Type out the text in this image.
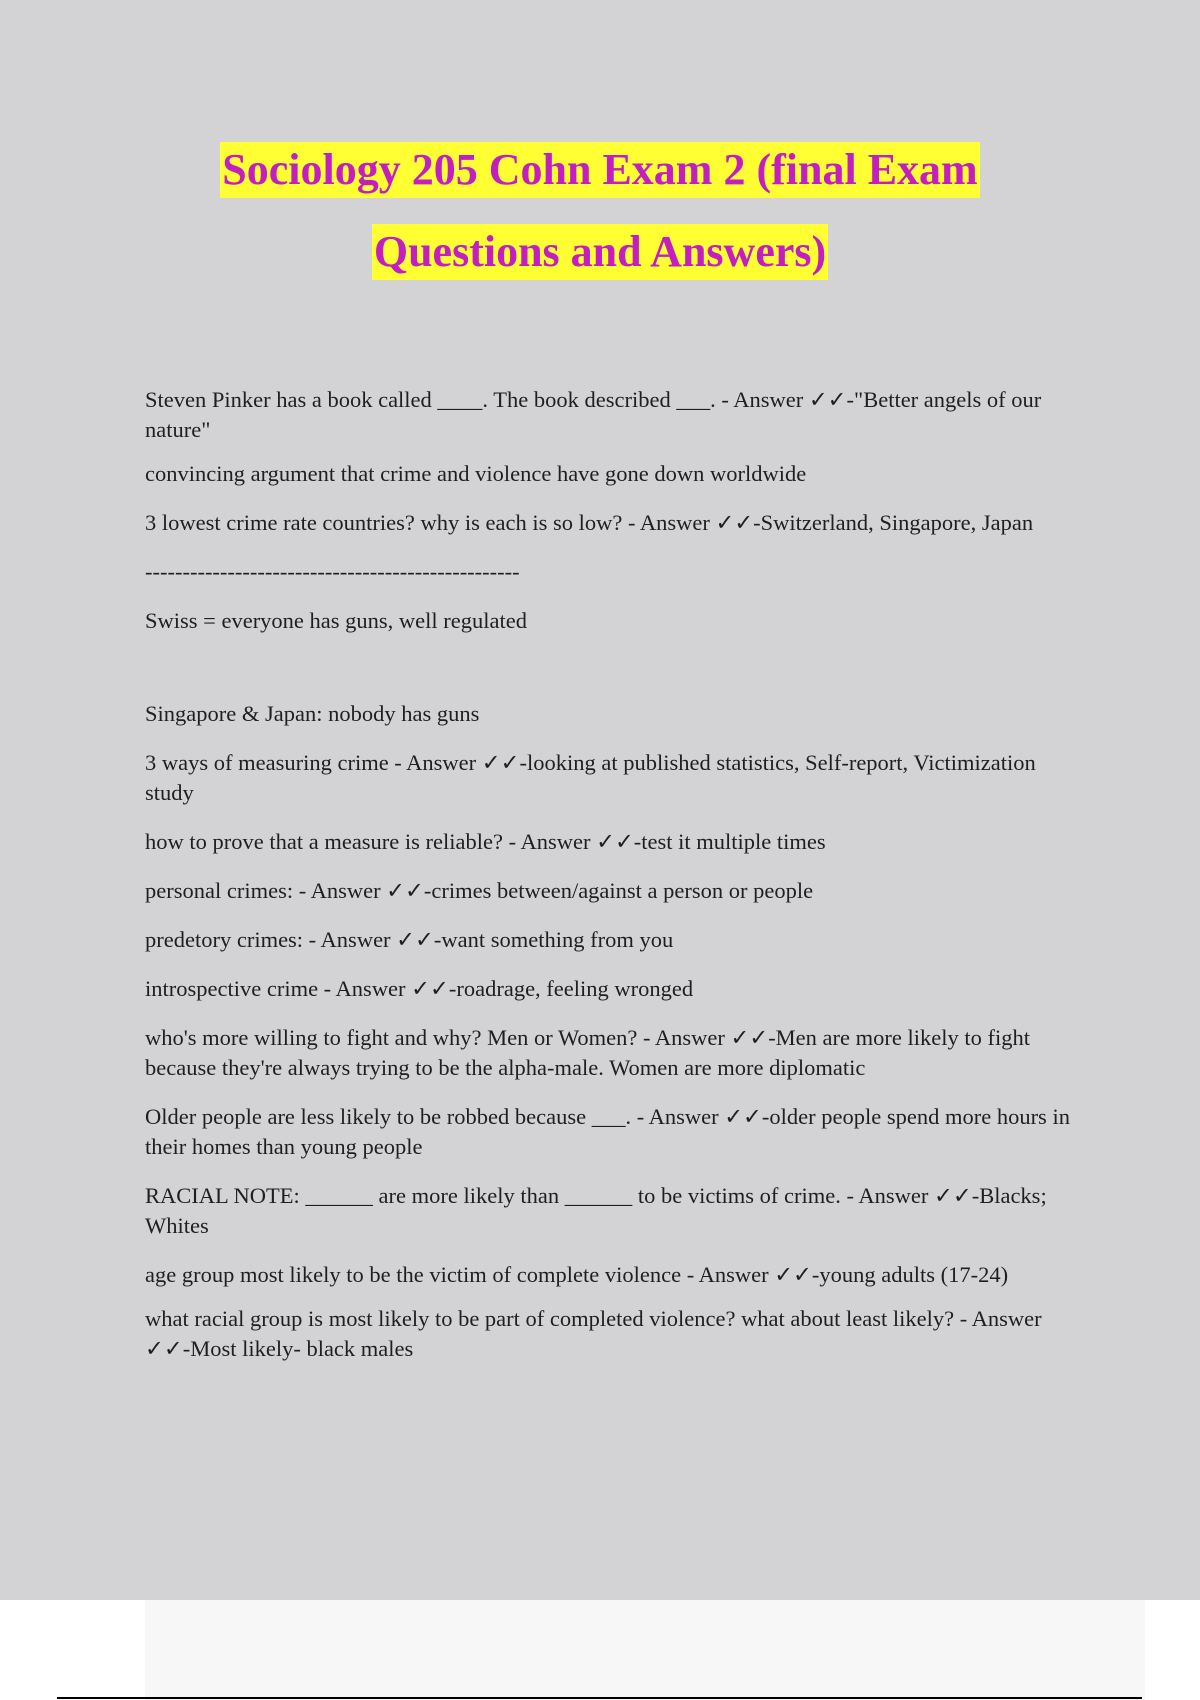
Sociology 205 Cohn Exam 2 (final Exam
Questions and Answers)

Steven Pinker has a book called ____. The book described ___. - Answer ✓✓-"Better angels of our nature"

convincing argument that crime and violence have gone down worldwide

3 lowest crime rate countries? why is each is so low? - Answer ✓✓-Switzerland, Singapore, Japan

--------------------------------------------------

Swiss = everyone has guns, well regulated

Singapore & Japan: nobody has guns

3 ways of measuring crime - Answer ✓✓-looking at published statistics, Self-report, Victimization study

how to prove that a measure is reliable? - Answer ✓✓-test it multiple times

personal crimes: - Answer ✓✓-crimes between/against a person or people

predetory crimes: - Answer ✓✓-want something from you

introspective crime - Answer ✓✓-roadrage, feeling wronged

who's more willing to fight and why? Men or Women? - Answer ✓✓-Men are more likely to fight because they're always trying to be the alpha-male. Women are more diplomatic

Older people are less likely to be robbed because ___. - Answer ✓✓-older people spend more hours in their homes than young people

RACIAL NOTE: ______ are more likely than ______ to be victims of crime. - Answer ✓✓-Blacks; Whites

age group most likely to be the victim of complete violence - Answer ✓✓-young adults (17-24)

what racial group is most likely to be part of completed violence? what about least likely? - Answer ✓✓-Most likely- black males
